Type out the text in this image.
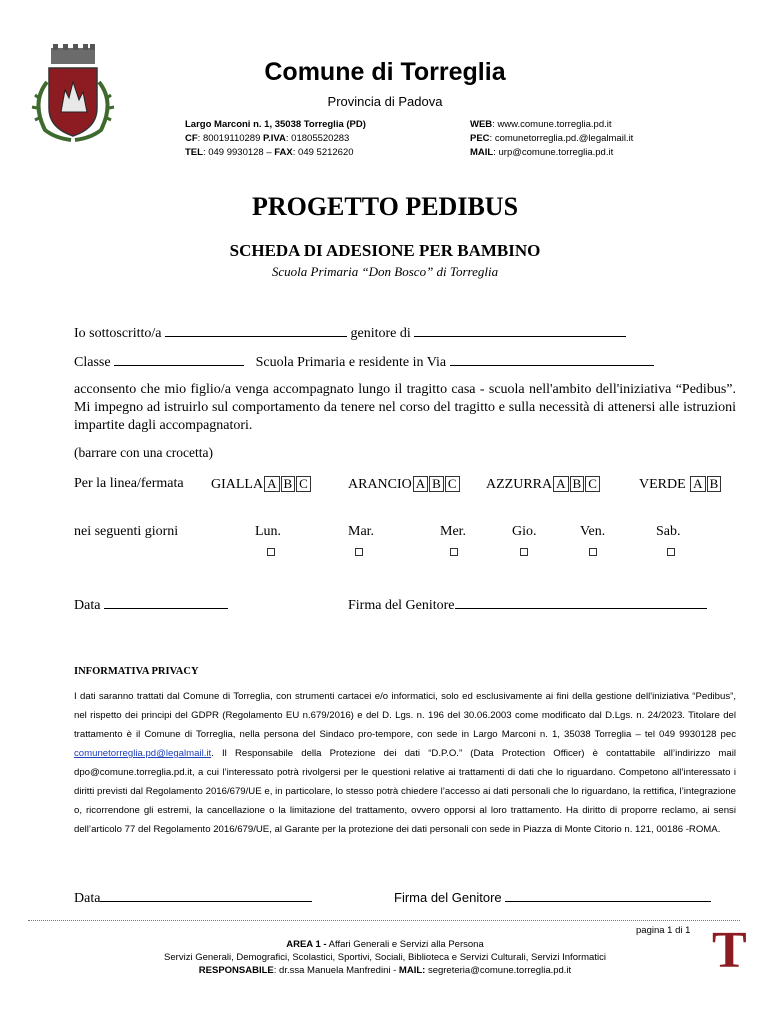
Comune di Torreglia
Provincia di Padova
Largo Marconi n. 1, 35038 Torreglia (PD)
CF: 80019110289 P.IVA: 01805520283
TEL: 049 9930128 – FAX: 049 5212620
WEB: www.comune.torreglia.pd.it
PEC: comunetorreglia.pd.@legalmail.it
MAIL: urp@comune.torreglia.pd.it
PROGETTO PEDIBUS
SCHEDA DI ADESIONE PER BAMBINO
Scuola Primaria “Don Bosco” di Torreglia
Io sottoscritto/a	genitore di
Classe	Scuola Primaria e residente in Via
acconsento che mio figlio/a venga accompagnato lungo il tragitto casa - scuola nell'ambito dell'iniziativa “Pedibus”. Mi impegno ad istruirlo sul comportamento da tenere nel corso del tragitto e sulla necessità di attenersi alle istruzioni impartite dagli accompagnatori.
(barrare con una crocetta)
Per la linea/fermata GIALLA A B C	ARANCIO A B C AZZURRA A B C	VERDE A B
nei seguenti giorni	Lun.	Mar.	Mer.	Gio.	Ven.	Sab.
Data	Firma del Genitore
INFORMATIVA PRIVACY
I dati saranno trattati dal Comune di Torreglia, con strumenti cartacei e/o informatici, solo ed esclusivamente ai fini della gestione dell'iniziativa “Pedibus”, nel rispetto dei principi del GDPR (Regolamento EU n.679/2016) e del D. Lgs. n. 196 del 30.06.2003 come modificato dal D.Lgs. n. 24/2023. Titolare del trattamento è il Comune di Torreglia, nella persona del Sindaco pro-tempore, con sede in Largo Marconi n. 1, 35038 Torreglia – tel 049 9930128 pec comunetorreglia.pd@legalmail.it. Il Responsabile della Protezione dei dati “D.P.O.” (Data Protection Officer) è contattabile all’indirizzo mail dpo@comune.torreglia.pd.it, a cui l’interessato potrà rivolgersi per le questioni relative ai trattamenti di dati che lo riguardano. Competono all’interessato i diritti previsti dal Regolamento 2016/679/UE e, in particolare, lo stesso potrà chiedere l’accesso ai dati personali che lo riguardano, la rettifica, l’integrazione o, ricorrendone gli estremi, la cancellazione o la limitazione del trattamento, ovvero opporsi al loro trattamento. Ha diritto di proporre reclamo, ai sensi dell’articolo 77 del Regolamento 2016/679/UE, al Garante per la protezione dei dati personali con sede in Piazza di Monte Citorio n. 121, 00186 -ROMA.
Data	Firma del Genitore
pagina 1 di 1
AREA 1 - Affari Generali e Servizi alla Persona
Servizi Generali, Demografici, Scolastici, Sportivi, Sociali, Biblioteca e Servizi Culturali, Servizi Informatici
RESPONSABILE: dr.ssa Manuela Manfredini - MAIL: segreteria@comune.torreglia.pd.it	T
